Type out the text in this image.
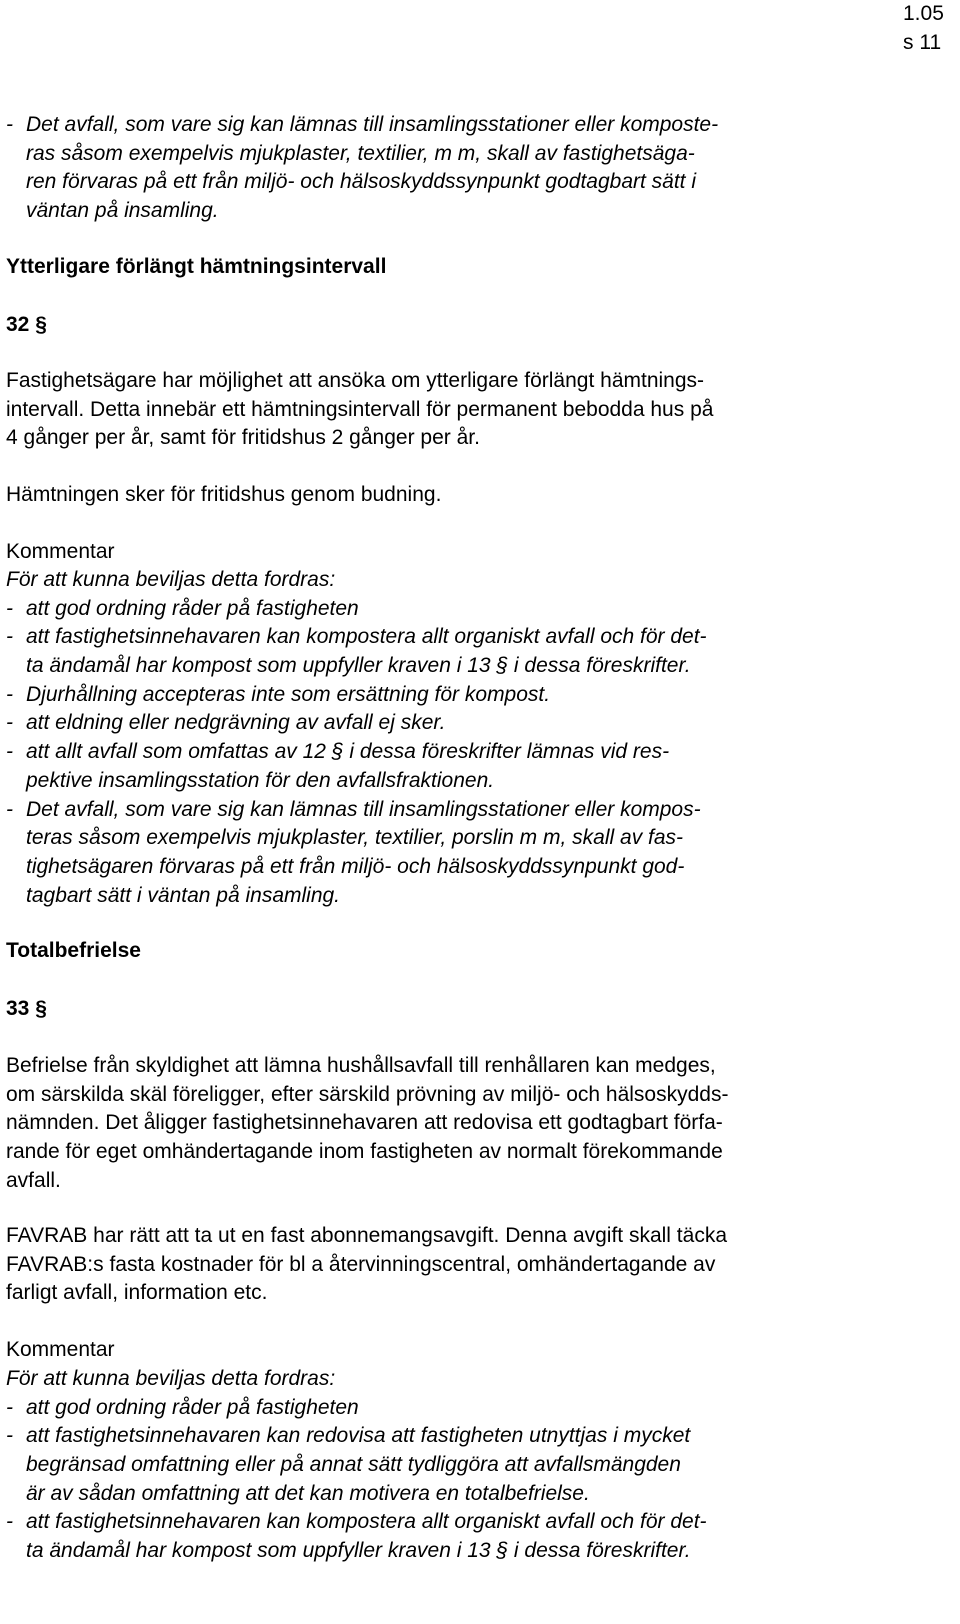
1.05
s 11
- Det avfall, som vare sig kan lämnas till insamlingsstationer eller komposte-
ras såsom exempelvis mjukplaster, textilier, m m, skall av fastighetsäga-
ren förvaras på ett från miljö- och hälsoskyddssynpunkt godtagbart sätt i
väntan på insamling.
Ytterligare förlängt hämtningsintervall
32 §
Fastighetsägare har möjlighet att ansöka om ytterligare förlängt hämtnings-
intervall. Detta innebär ett hämtningsintervall för permanent bebodda hus på
4 gånger per år, samt för fritidshus 2 gånger per år.
Hämtningen sker för fritidshus genom budning.
Kommentar
För att kunna beviljas detta fordras:
- att god ordning råder på fastigheten
- att fastighetsinnehavaren kan kompostera allt organiskt avfall och för det-
ta ändamål har kompost som uppfyller kraven i 13 § i dessa föreskrifter.
- Djurhållning accepteras inte som ersättning för kompost.
- att eldning eller nedgrävning av avfall ej sker.
- att allt avfall som omfattas av 12 § i dessa föreskrifter lämnas vid res-
pektive insamlingsstation för den avfallsfraktionen.
- Det avfall, som vare sig kan lämnas till insamlingsstationer eller kompos-
teras såsom exempelvis mjukplaster, textilier, porslin m m, skall av fas-
tighetsägaren förvaras på ett från miljö- och hälsoskyddssynpunkt god-
tagbart sätt i väntan på insamling.
Totalbefrielse
33 §
Befrielse från skyldighet att lämna hushållsavfall till renhållaren kan medges,
om särskilda skäl föreligger, efter särskild prövning av miljö- och hälsoskydds-
nämnden. Det åligger fastighetsinnehavaren att redovisa ett godtagbart förfa-
rande för eget omhändertagande inom fastigheten av normalt förekommande
avfall.
FAVRAB har rätt att ta ut en fast abonnemangsavgift. Denna avgift skall täcka
FAVRAB:s fasta kostnader för bl a återvinningscentral, omhändertagande av
farligt avfall, information etc.
Kommentar
För att kunna beviljas detta fordras:
- att god ordning råder på fastigheten
- att fastighetsinnehavaren kan redovisa att fastigheten utnyttjas i mycket
begränsad omfattning eller på annat sätt tydliggöra att avfallsmängden
är av sådan omfattning att det kan motivera en totalbefrielse.
- att fastighetsinnehavaren kan kompostera allt organiskt avfall och för det-
ta ändamål har kompost som uppfyller kraven i 13 § i dessa föreskrifter.
